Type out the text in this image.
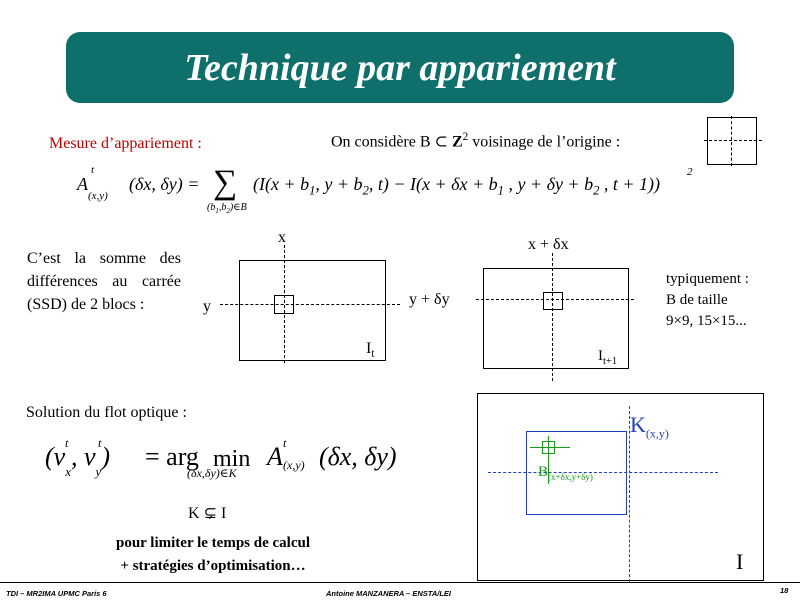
Technique par appariement
Mesure d’appariement :	On considère B ⊂ $Z^2$ voisinage de l’origine :
$A_{(x,y)}$
t
(δx, δy) = ∑
$(b_1,b_2)\in B$
($I(x + b_1$, $y + b_2$, $t) - I(x + \delta x + b_1$ , $y + \delta y + b_2$ , t + 1))
2
C’est la somme des différences au carrée (SSD) de 2 blocs :
x
y
$I_t$
x + δx
y + δy
$I_{t+1}$
typiquement :
B de taille
9×9, 15×15...
Solution du flot optique :
($v_x$, $v_y$)
t t = arg min
(δx,δy)∈K
A t
(x,y) (δx, δy)
K ⊊ I
pour limiter le temps de calcul
+ stratégies d’optimisation…
$K_{(x,y)}$
$B_{(x+\delta x,y+\delta y)}$
I
TDI – MR2IMA UPMC Paris 6	Antoine MANZANERA – ENSTA/LEI	18
